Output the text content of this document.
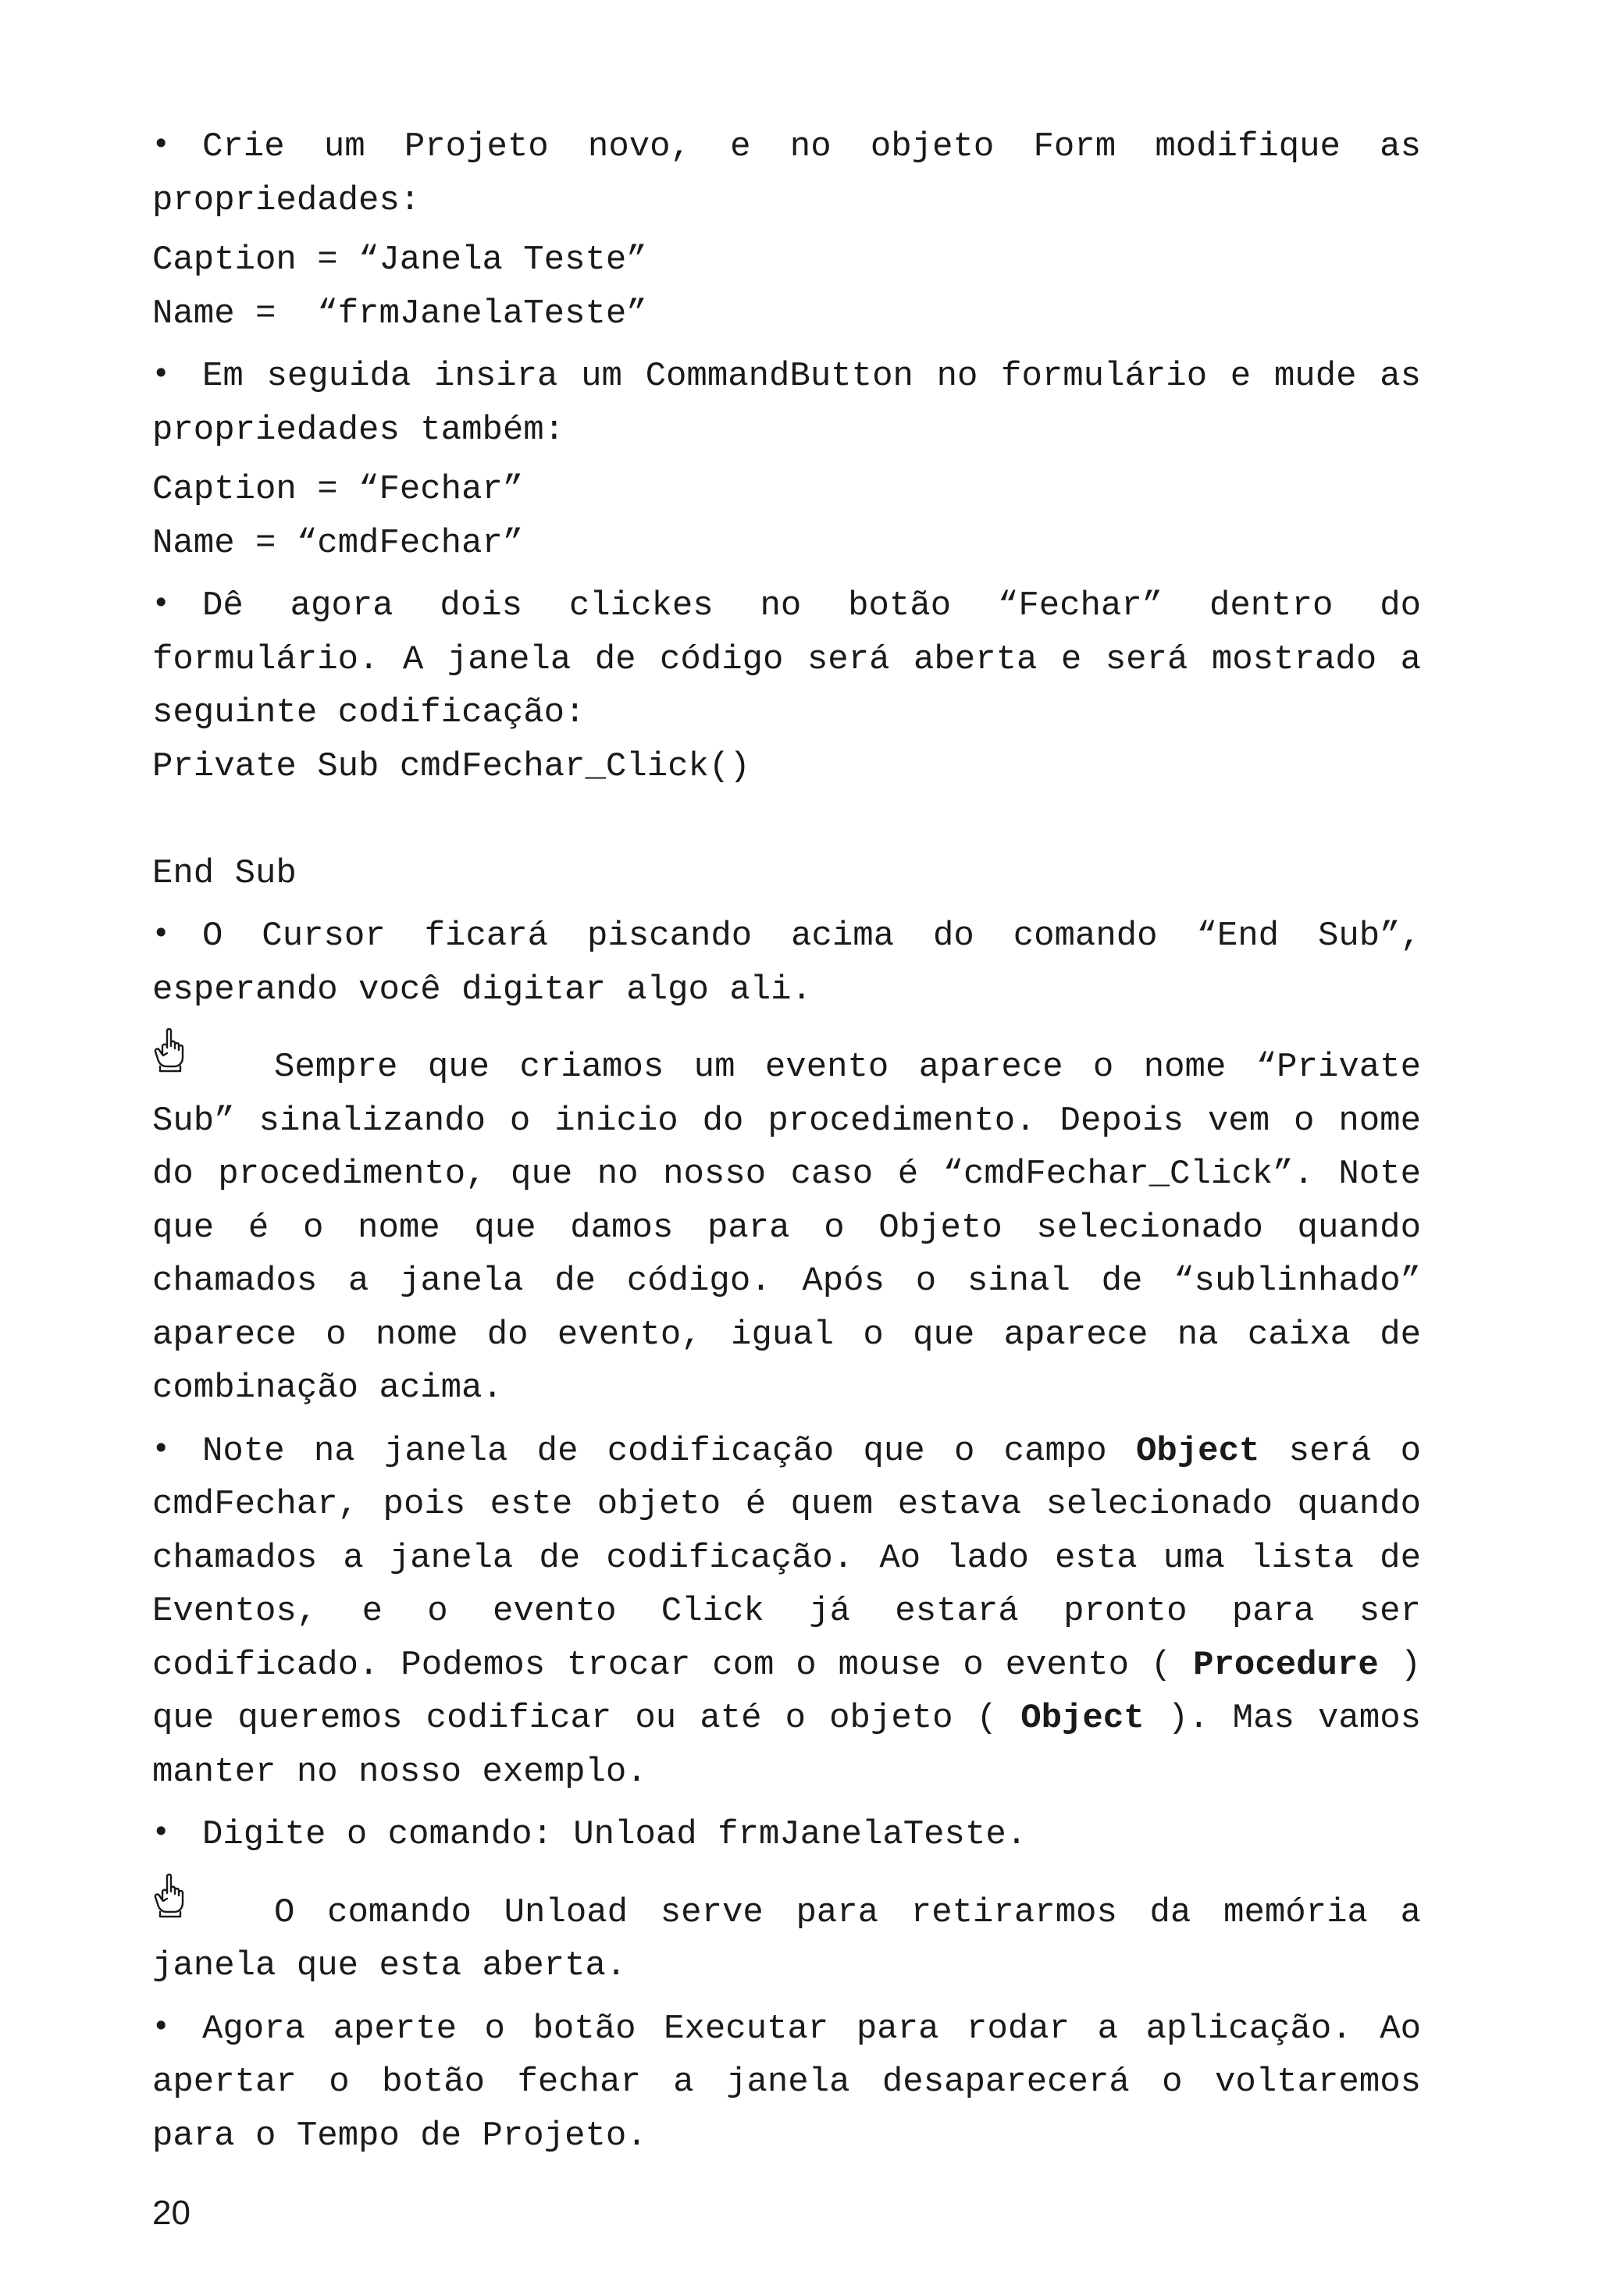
• Crie um Projeto novo, e no objeto Form modifique as propriedades:

Caption = “Janela Teste”

Name =  “frmJanelaTeste”

• Em seguida insira um CommandButton no formulário e mude as propriedades também:

Caption = “Fechar”

Name = “cmdFechar”

• Dê agora dois clickes no botão “Fechar” dentro do formulário. A janela de código será aberta e será mostrado a seguinte codificação:

Private Sub cmdFechar_Click()

End Sub

• O Cursor ficará piscando acima do comando “End Sub”, esperando você digitar algo ali.

Sempre que criamos um evento aparece o nome “Private Sub” sinalizando o inicio do procedimento. Depois vem o nome do procedimento, que no nosso caso é “cmdFechar_Click”. Note que é o nome que damos para o Objeto selecionado quando chamados a janela de código. Após o sinal de “sublinhado” aparece o nome do evento, igual o que aparece na caixa de combinação acima.

• Note na janela de codificação que o campo Object será o cmdFechar, pois este objeto é quem estava selecionado quando chamados a janela de codificação. Ao lado esta uma lista de Eventos, e o evento Click já estará pronto para ser codificado. Podemos trocar com o mouse o evento ( Procedure ) que queremos codificar ou até o objeto ( Object ). Mas vamos manter no nosso exemplo.

• Digite o comando: Unload frmJanelaTeste.

O comando Unload serve para retirarmos da memória a janela que esta aberta.

• Agora aperte o botão Executar para rodar a aplicação. Ao apertar o botão fechar a janela desaparecerá o voltaremos para o Tempo de Projeto.

20
